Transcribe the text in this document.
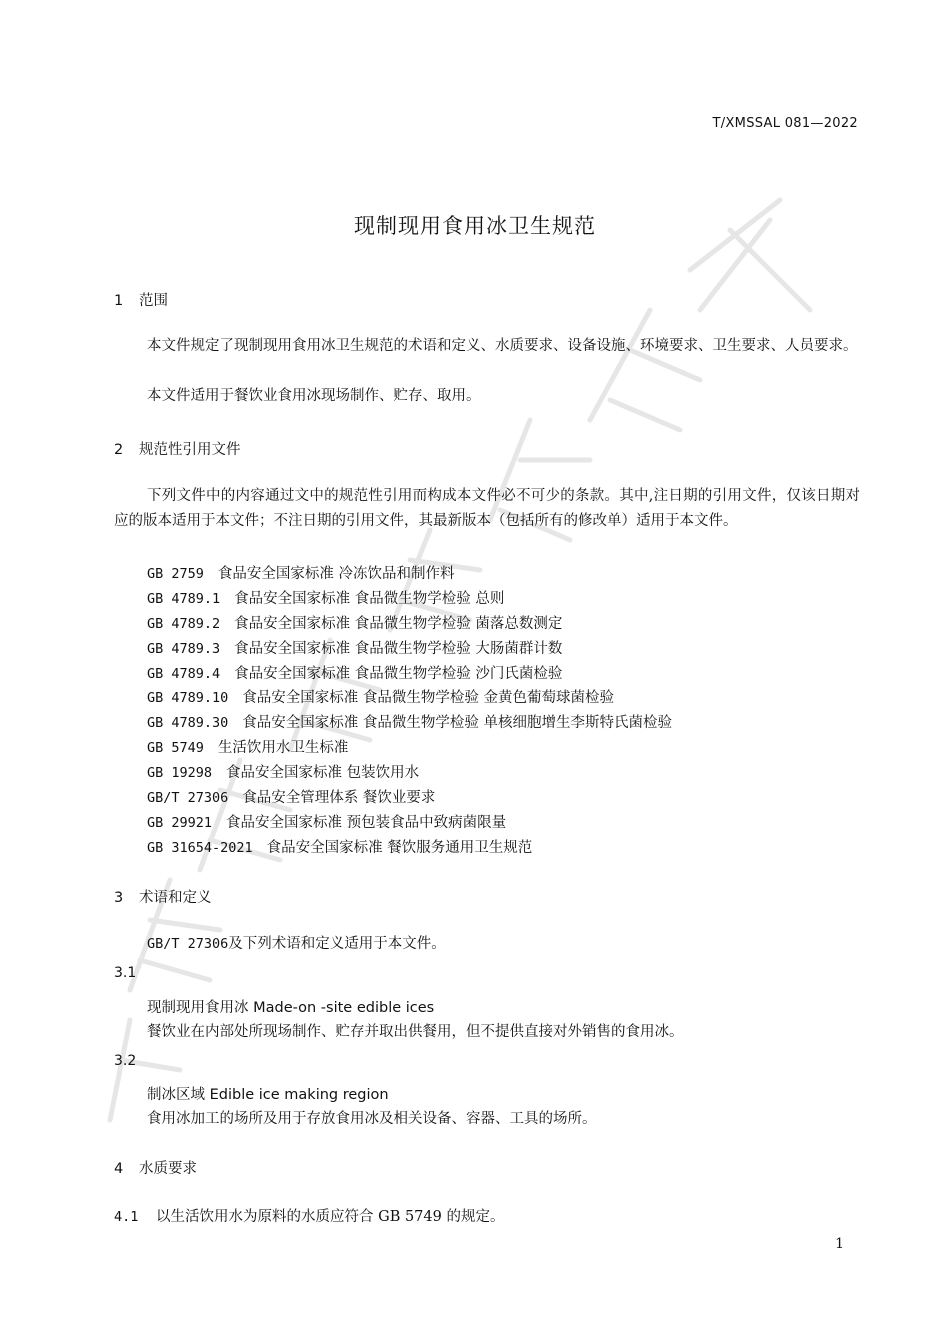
T/XMSSAL 081—2022
现制现用食用冰卫生规范
1 范围
本文件规定了现制现用食用冰卫生规范的术语和定义、水质要求、设备设施、环境要求、卫生要求、人员要求。
本文件适用于餐饮业食用冰现场制作、贮存、取用。
2 规范性引用文件
下列文件中的内容通过文中的规范性引用而构成本文件必不可少的条款。其中,注日期的引用文件，仅该日期对应的版本适用于本文件；不注日期的引用文件，其最新版本（包括所有的修改单）适用于本文件。
GB 2759 食品安全国家标准 冷冻饮品和制作料
GB 4789.1 食品安全国家标准 食品微生物学检验 总则
GB 4789.2 食品安全国家标准 食品微生物学检验 菌落总数测定
GB 4789.3 食品安全国家标准 食品微生物学检验 大肠菌群计数
GB 4789.4 食品安全国家标准 食品微生物学检验 沙门氏菌检验
GB 4789.10 食品安全国家标准 食品微生物学检验 金黄色葡萄球菌检验
GB 4789.30 食品安全国家标准 食品微生物学检验 单核细胞增生李斯特氏菌检验
GB 5749 生活饮用水卫生标准
GB 19298 食品安全国家标准 包装饮用水
GB/T 27306 食品安全管理体系 餐饮业要求
GB 29921 食品安全国家标准 预包装食品中致病菌限量
GB 31654-2021 食品安全国家标准 餐饮服务通用卫生规范
3 术语和定义
GB/T 27306及下列术语和定义适用于本文件。
3.1
现制现用食用冰 Made-on -site edible ices
餐饮业在内部处所现场制作、贮存并取出供餐用，但不提供直接对外销售的食用冰。
3.2
制冰区域 Edible ice making region
食用冰加工的场所及用于存放食用冰及相关设备、容器、工具的场所。
4 水质要求
4.1 以生活饮用水为原料的水质应符合 GB 5749 的规定。
1
